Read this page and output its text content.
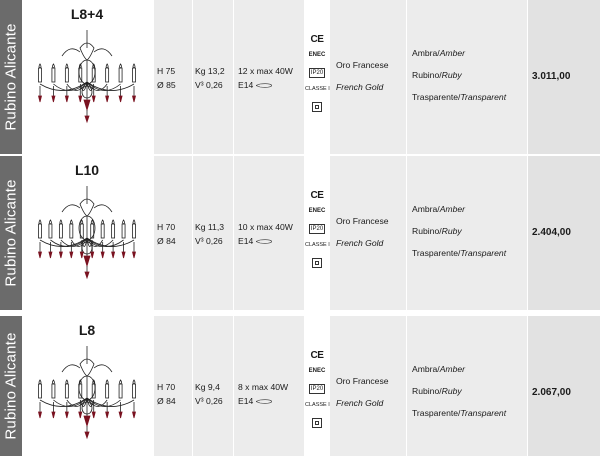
Rubino Alicante
L8+4
H 75
Ø 85
Kg 13,2
V³ 0,26
12 x max 40W
E14
CE
ENEC
IP20
CLASSE I
Oro Francese
French Gold
Ambra/Amber
Rubino/Ruby
Trasparente/Transparent
3.011,00
Rubino Alicante
L10
H 70
Ø 84
Kg 11,3
V³ 0,26
10 x max 40W
E14
CE
ENEC
IP20
CLASSE I
Oro Francese
French Gold
Ambra/Amber
Rubino/Ruby
Trasparente/Transparent
2.404,00
Rubino Alicante
L8
H 70
Ø 84
Kg 9,4
V³ 0,26
8 x max 40W
E14
CE
ENEC
IP20
CLASSE I
Oro Francese
French Gold
Ambra/Amber
Rubino/Ruby
Trasparente/Transparent
2.067,00
